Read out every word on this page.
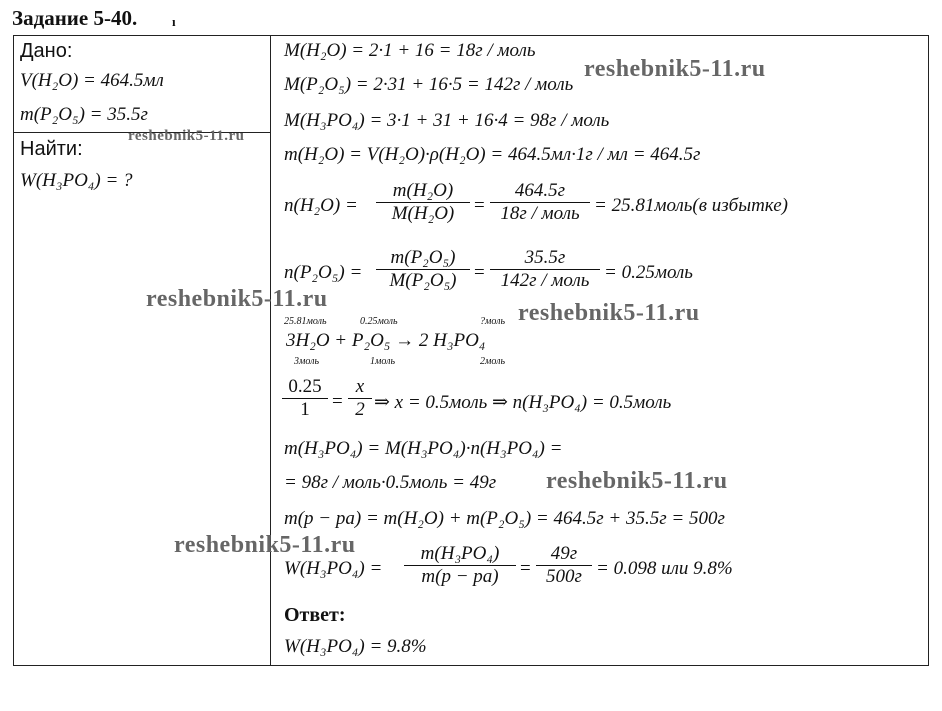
Задание 5-40.	ı
Дано:
V(H₂O) = 464.5мл
m(P₂O₅) = 35.5г
Найти:
W(H₃PO₄) = ?
M(H₂O) = 2·1 + 16 = 18г / моль
M(P₂O₅) = 2·31 + 16·5 = 142г / моль
M(H₃PO₄) = 3·1 + 31 + 16·4 = 98г / моль
m(H₂O) = V(H₂O)·ρ(H₂O) = 464.5мл·1г / мл = 464.5г
$n(H_2O) = \frac{\text{m(H₂O)}}{\text{M(H₂O)}}$ =
464.5г
18г / моль = 25.81моль(в избытке)
$n(P_2O_5) = \frac{\text{m(P₂O₅)}}{\text{M(P₂O₅)}}$ =
35.5г
142г / моль = 0.25моль
25.81моль	0.25моль	?моль
3H₂O + P₂O₅ → 2 H₃PO₄
3моль	1моль	2моль
$\frac{0.25}{1} = \frac{x}{2}$ ⇒ x = 0.5моль ⇒ n(H₃PO₄) = 0.5моль
m(H₃PO₄) = M(H₃PO₄)·n(H₃PO₄) =
= 98г / моль·0.5моль = 49г
m(p − pa) = m(H₂O) + m(P₂O₅) = 464.5г + 35.5г = 500г
$W(H_3PO_4) = \frac{\text{m(H₃PO₄)}}{m(p - pa)}$ =
49г
500г = 0.098 или 9.8%
Ответ:
W(H₃PO₄) = 9.8%
reshebnik5-11.ru
reshebnik5-11.ru
reshebnik5-11.ru
reshebnik5-11.ru
reshebnik5-11.ru
reshebnik5-11.ru
